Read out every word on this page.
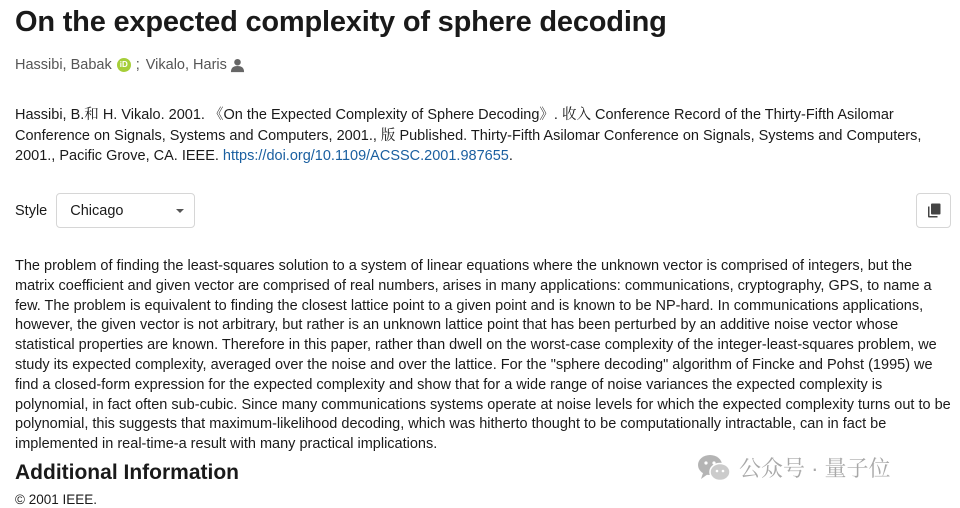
On the expected complexity of sphere decoding
Hassibi, Babak	iD ; Vikalo, Haris

Hassibi, B.和 H. Vikalo. 2001. 《On the Expected Complexity of Sphere Decoding》. 收入 Conference Record of the Thirty-Fifth Asilomar Conference on Signals, Systems and Computers, 2001., 版 Published. Thirty-Fifth Asilomar Conference on Signals, Systems and Computers, 2001., Pacific Grove, CA. IEEE. https://doi.org/10.1109/ACSSC.2001.987655.

Style Chicago

The problem of finding the least-squares solution to a system of linear equations where the unknown vector is comprised of integers, but the matrix coefficient and given vector are comprised of real numbers, arises in many applications: communications, cryptography, GPS, to name a few. The problem is equivalent to finding the closest lattice point to a given point and is known to be NP-hard. In communications applications, however, the given vector is not arbitrary, but rather is an unknown lattice point that has been perturbed by an additive noise vector whose statistical properties are known. Therefore in this paper, rather than dwell on the worst-case complexity of the integer-least-squares problem, we study its expected complexity, averaged over the noise and over the lattice. For the "sphere decoding" algorithm of Fincke and Pohst (1995) we find a closed-form expression for the expected complexity and show that for a wide range of noise variances the expected complexity is polynomial, in fact often sub-cubic. Since many communications systems operate at noise levels for which the expected complexity turns out to be polynomial, this suggests that maximum-likelihood decoding, which was hitherto thought to be computationally intractable, can in fact be implemented in real-time-a result with many practical implications.

Additional Information
© 2001 IEEE.
公众号 · 量子位
